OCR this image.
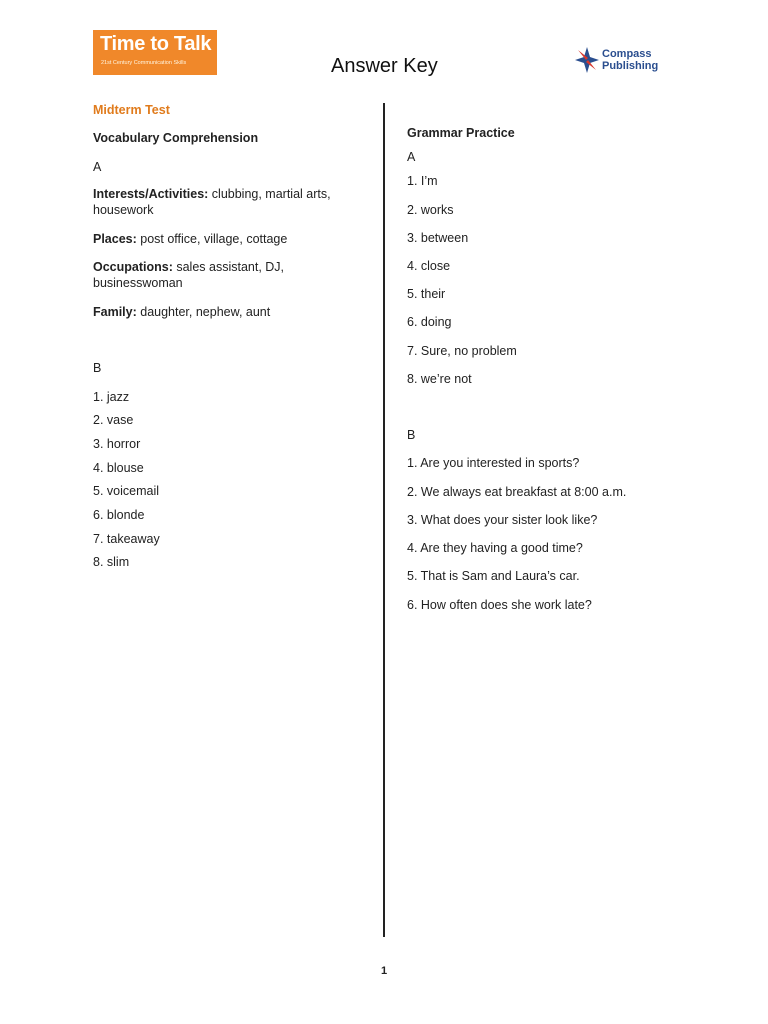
Time to Talk
21st Century Communication Skills	Answer Key
Compass
Publishing
Midterm Test
Vocabulary Comprehension
A
Interests/Activities: clubbing, martial arts, housework
Places: post office, village, cottage
Occupations: sales assistant, DJ, businesswoman
Family: daughter, nephew, aunt
B
1. jazz
2. vase
3. horror
4. blouse
5. voicemail
6. blonde
7. takeaway
8. slim
Grammar Practice
A
1. I’m
2. works
3. between
4. close
5. their
6. doing
7. Sure, no problem
8. we’re not
B
1. Are you interested in sports?
2. We always eat breakfast at 8:00 a.m.
3. What does your sister look like?
4. Are they having a good time?
5. That is Sam and Laura’s car.
6. How often does she work late?
1
